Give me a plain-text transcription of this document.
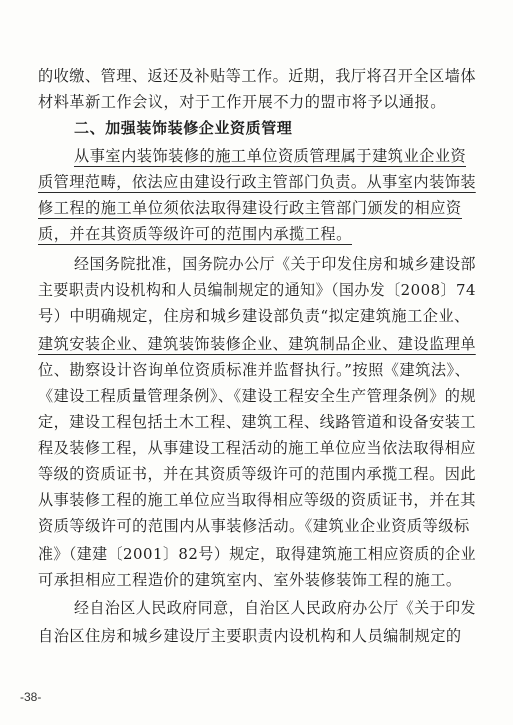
的收缴、管理、返还及补贴等工作。近期，我厅将召开全区墙体
材料革新工作会议，对于工作开展不力的盟市将予以通报。
二、加强装饰装修企业资质管理
从事室内装饰装修的施工单位资质管理属于建筑业企业资
质管理范畴，依法应由建设行政主管部门负责。从事室内装饰装
修工程的施工单位须依法取得建设行政主管部门颁发的相应资
质，并在其资质等级许可的范围内承揽工程。
经国务院批准，国务院办公厅《关于印发住房和城乡建设部
主要职责内设机构和人员编制规定的通知》（国办发〔2008〕74
号）中明确规定，住房和城乡建设部负责“拟定建筑施工企业、
建筑安装企业、建筑装饰装修企业、建筑制品企业、建设监理单
位、勘察设计咨询单位资质标准并监督执行。”按照《建筑法》、
《建设工程质量管理条例》、《建设工程安全生产管理条例》的规
定，建设工程包括土木工程、建筑工程、线路管道和设备安装工
程及装修工程，从事建设工程活动的施工单位应当依法取得相应
等级的资质证书，并在其资质等级许可的范围内承揽工程。因此
从事装修工程的施工单位应当取得相应等级的资质证书，并在其
资质等级许可的范围内从事装修活动。《建筑业企业资质等级标
准》（建建〔2001〕82号）规定，取得建筑施工相应资质的企业
可承担相应工程造价的建筑室内、室外装修装饰工程的施工。
经自治区人民政府同意，自治区人民政府办公厅《关于印发
自治区住房和城乡建设厅主要职责内设机构和人员编制规定的
-38-
